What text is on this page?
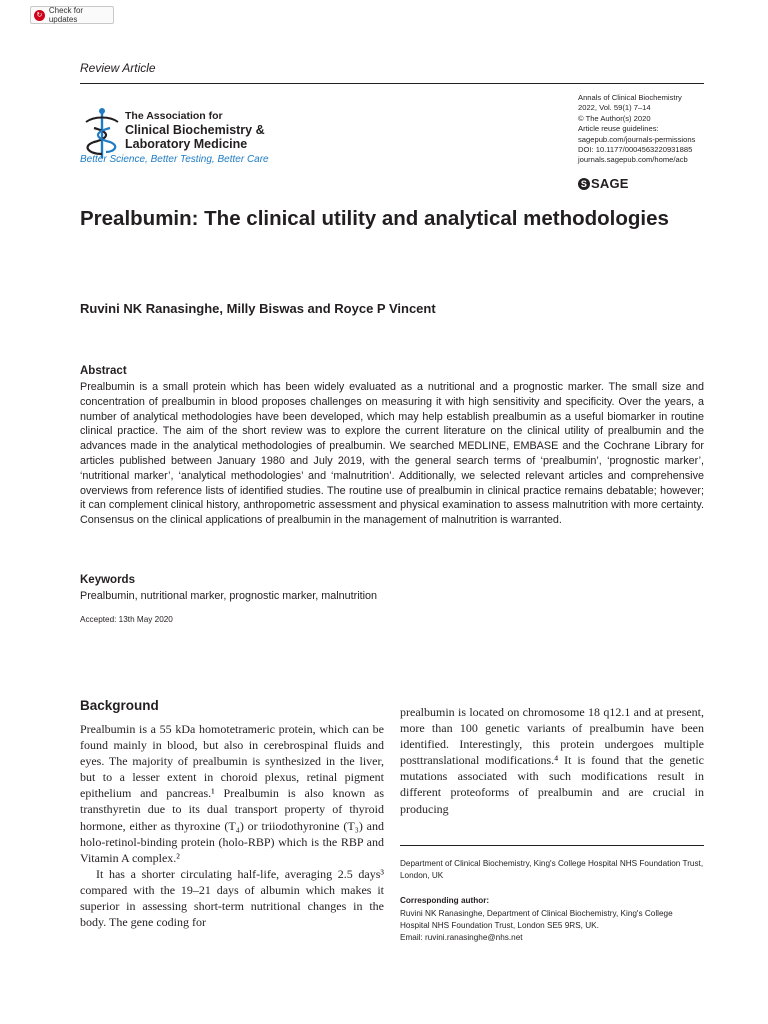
↻ Check for updates
Review Article
The Association for
Clinical Biochemistry &
Laboratory Medicine
Better Science, Better Testing, Better Care
Annals of Clinical Biochemistry
2022, Vol. 59(1) 7–14
© The Author(s) 2020
Article reuse guidelines:
sagepub.com/journals-permissions
DOI: 10.1177/0004563220931885
journals.sagepub.com/home/acb
S SAGE
Prealbumin: The clinical utility and analytical methodologies
Ruvini NK Ranasinghe, Milly Biswas and Royce P Vincent
Abstract
Prealbumin is a small protein which has been widely evaluated as a nutritional and a prognostic marker. The small size and concentration of prealbumin in blood proposes challenges on measuring it with high sensitivity and specificity. Over the years, a number of analytical methodologies have been developed, which may help establish prealbumin as a useful biomarker in routine clinical practice. The aim of the short review was to explore the current literature on the clinical utility of prealbumin and the advances made in the analytical methodologies of prealbumin. We searched MEDLINE, EMBASE and the Cochrane Library for articles published between January 1980 and July 2019, with the general search terms of ‘prealbumin’, ‘prognostic marker’, ‘nutritional marker’, ‘analytical methodologies’ and ‘malnutrition’. Additionally, we selected relevant articles and comprehensive overviews from reference lists of identified studies. The routine use of prealbumin in clinical practice remains debatable; however; it can complement clinical history, anthropometric assessment and physical examination to assess malnutrition with more certainty. Consensus on the clinical applications of prealbumin in the management of malnutrition is warranted.
Keywords
Prealbumin, nutritional marker, prognostic marker, malnutrition
Accepted: 13th May 2020
Background

Prealbumin is a 55 kDa homotetrameric protein, which can be found mainly in blood, but also in cerebrospinal fluids and eyes. The majority of prealbumin is synthesized in the liver, but to a lesser extent in choroid plexus, retinal pigment epithelium and pancreas.¹ Prealbumin is also known as transthyretin due to its dual transport property of thyroid hormone, either as thyroxine (T₄) or triiodothyronine (T₃) and holo-retinol-binding protein (holo-RBP) which is the RBP and Vitamin A complex.²

It has a shorter circulating half-life, averaging 2.5 days³ compared with the 19–21 days of albumin which makes it superior in assessing short-term nutritional changes in the body. The gene coding for

prealbumin is located on chromosome 18 q12.1 and at present, more than 100 genetic variants of prealbumin have been identified. Interestingly, this protein undergoes multiple posttranslational modifications.⁴ It is found that the genetic mutations associated with such modifications result in different proteoforms of prealbumin and are crucial in producing

Department of Clinical Biochemistry, King's College Hospital NHS Foundation Trust, London, UK
Corresponding author:
Ruvini NK Ranasinghe, Department of Clinical Biochemistry, King's College Hospital NHS Foundation Trust, London SE5 9RS, UK.
Email: ruvini.ranasinghe@nhs.net
